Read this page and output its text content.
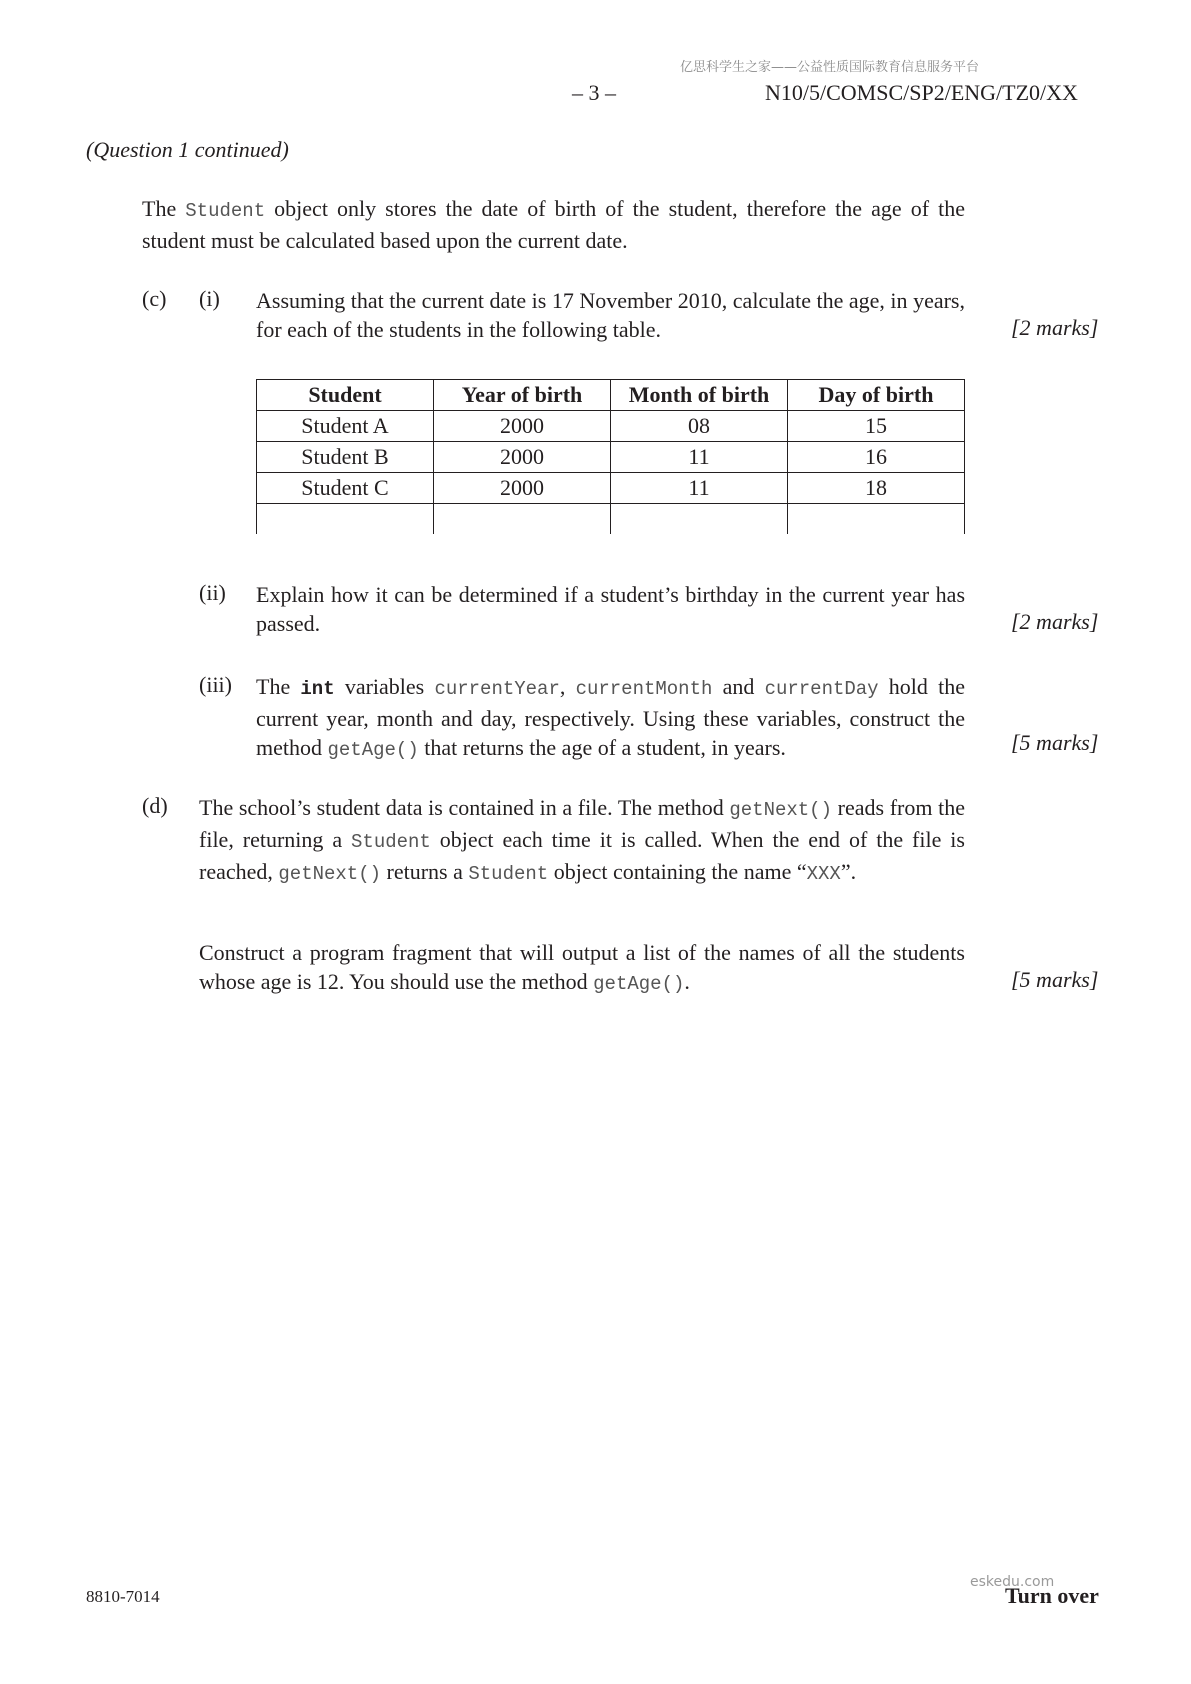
亿思科学生之家——公益性质国际教育信息服务平台
– 3 –	N10/5/COMSC/SP2/ENG/TZ0/XX
(Question 1 continued)
The Student object only stores the date of birth of the student, therefore the age of the student must be calculated based upon the current date.
(c) (i) Assuming that the current date is 17 November 2010, calculate the age, in years, for each of the students in the following table.	[2 marks]
Student	Year of birth	Month of birth	Day of birth
Student A	2000	08	15
Student B	2000	11	16
Student C	2000	11	18

(ii) Explain how it can be determined if a student’s birthday in the current year has passed.	[2 marks]
(iii) The int variables currentYear, currentMonth and currentDay hold the current year, month and day, respectively. Using these variables, construct the method getAge() that returns the age of a student, in years.	[5 marks]
(d) The school’s student data is contained in a file. The method getNext() reads from the file, returning a Student object each time it is called. When the end of the file is reached, getNext() returns a Student object containing the name “XXX”.
Construct a program fragment that will output a list of the names of all the students whose age is 12. You should use the method getAge().	[5 marks]
8810-7014	Turn over
eskedu.com
